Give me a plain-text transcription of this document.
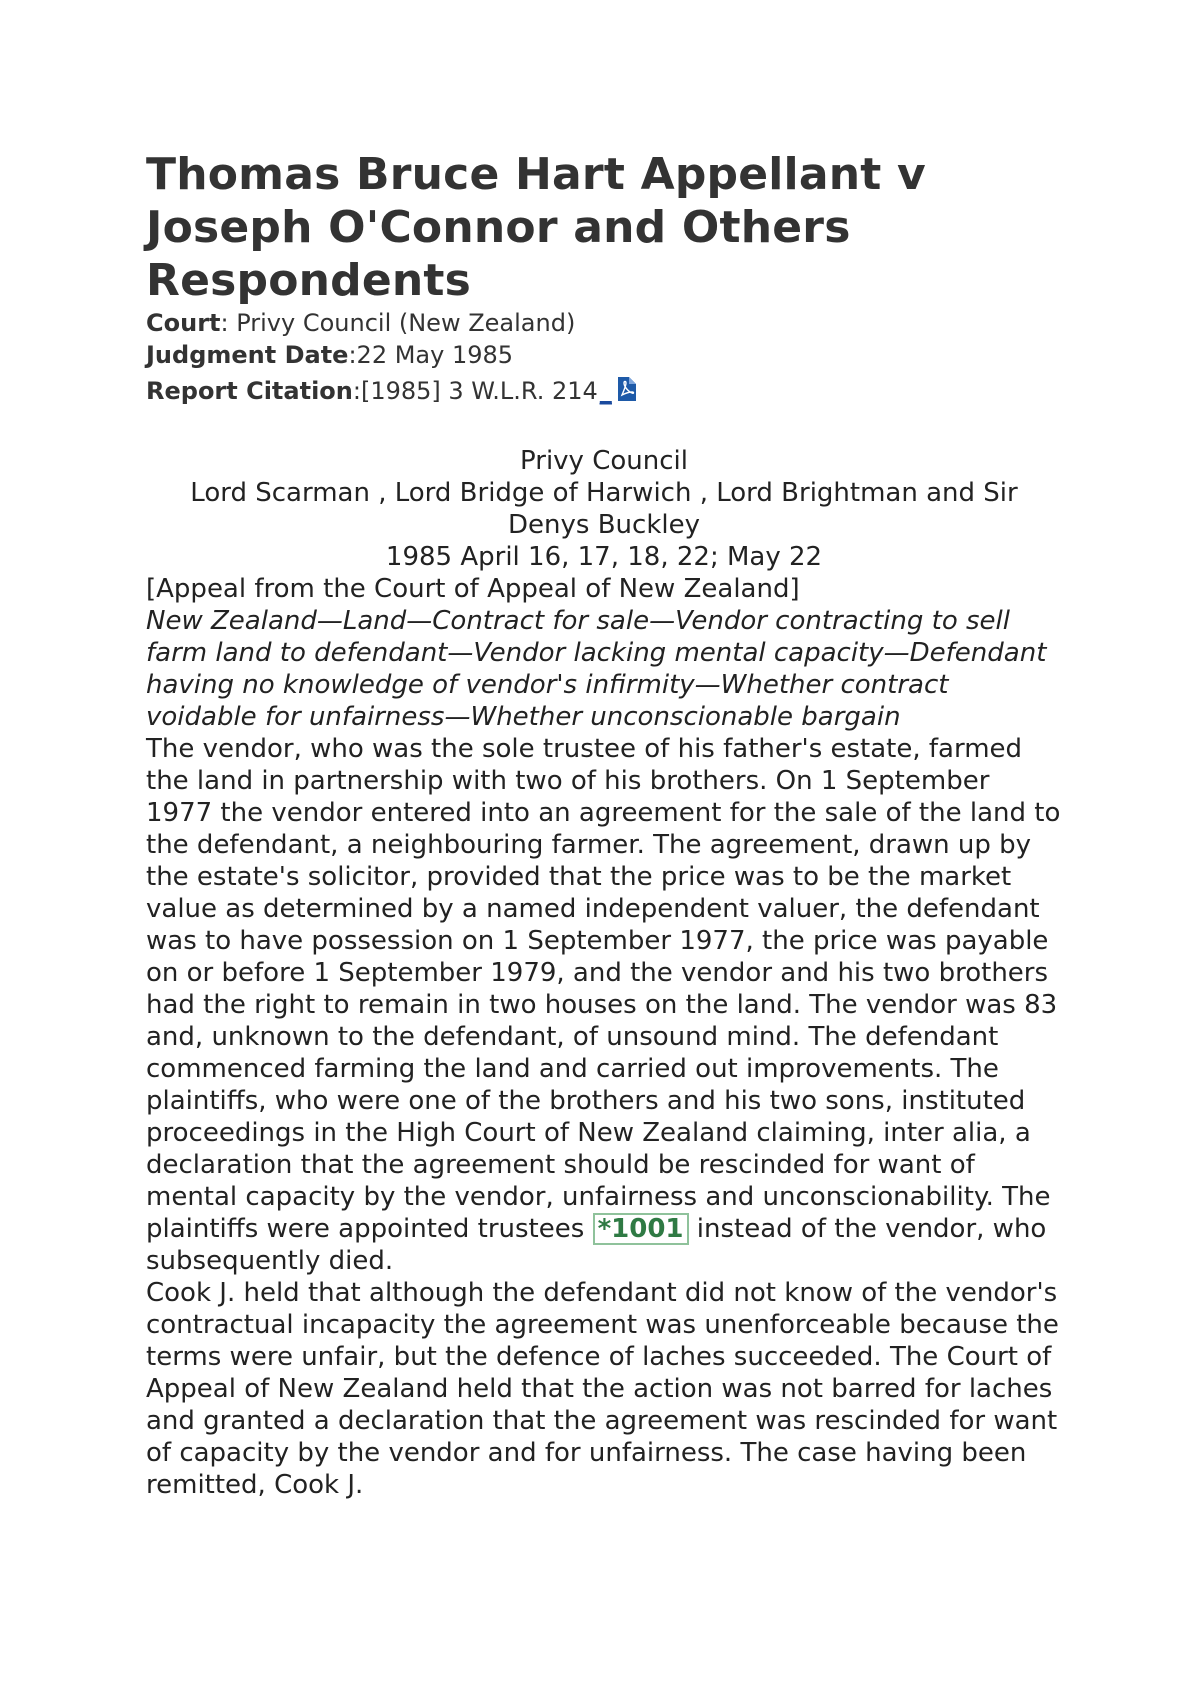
Thomas Bruce Hart Appellant v Joseph O'Connor and Others Respondents
Court: Privy Council (New Zealand)
Judgment Date:22 May 1985
Report Citation:[1985] 3 W.L.R. 214_
Privy Council
Lord Scarman , Lord Bridge of Harwich , Lord Brightman and Sir Denys Buckley
1985 April 16, 17, 18, 22; May 22
[Appeal from the Court of Appeal of New Zealand]
New Zealand—Land—Contract for sale—Vendor contracting to sell farm land to defendant—Vendor lacking mental capacity—Defendant having no knowledge of vendor's infirmity—Whether contract voidable for unfairness—Whether unconscionable bargain
The vendor, who was the sole trustee of his father's estate, farmed the land in partnership with two of his brothers. On 1 September 1977 the vendor entered into an agreement for the sale of the land to the defendant, a neighbouring farmer. The agreement, drawn up by the estate's solicitor, provided that the price was to be the market value as determined by a named independent valuer, the defendant was to have possession on 1 September 1977, the price was payable on or before 1 September 1979, and the vendor and his two brothers had the right to remain in two houses on the land. The vendor was 83 and, unknown to the defendant, of unsound mind. The defendant commenced farming the land and carried out improvements. The plaintiffs, who were one of the brothers and his two sons, instituted proceedings in the High Court of New Zealand claiming, inter alia, a declaration that the agreement should be rescinded for want of mental capacity by the vendor, unfairness and unconscionability. The plaintiffs were appointed trustees *1001 instead of the vendor, who subsequently died.
Cook J. held that although the defendant did not know of the vendor's contractual incapacity the agreement was unenforceable because the terms were unfair, but the defence of laches succeeded. The Court of Appeal of New Zealand held that the action was not barred for laches and granted a declaration that the agreement was rescinded for want of capacity by the vendor and for unfairness. The case having been remitted, Cook J.
